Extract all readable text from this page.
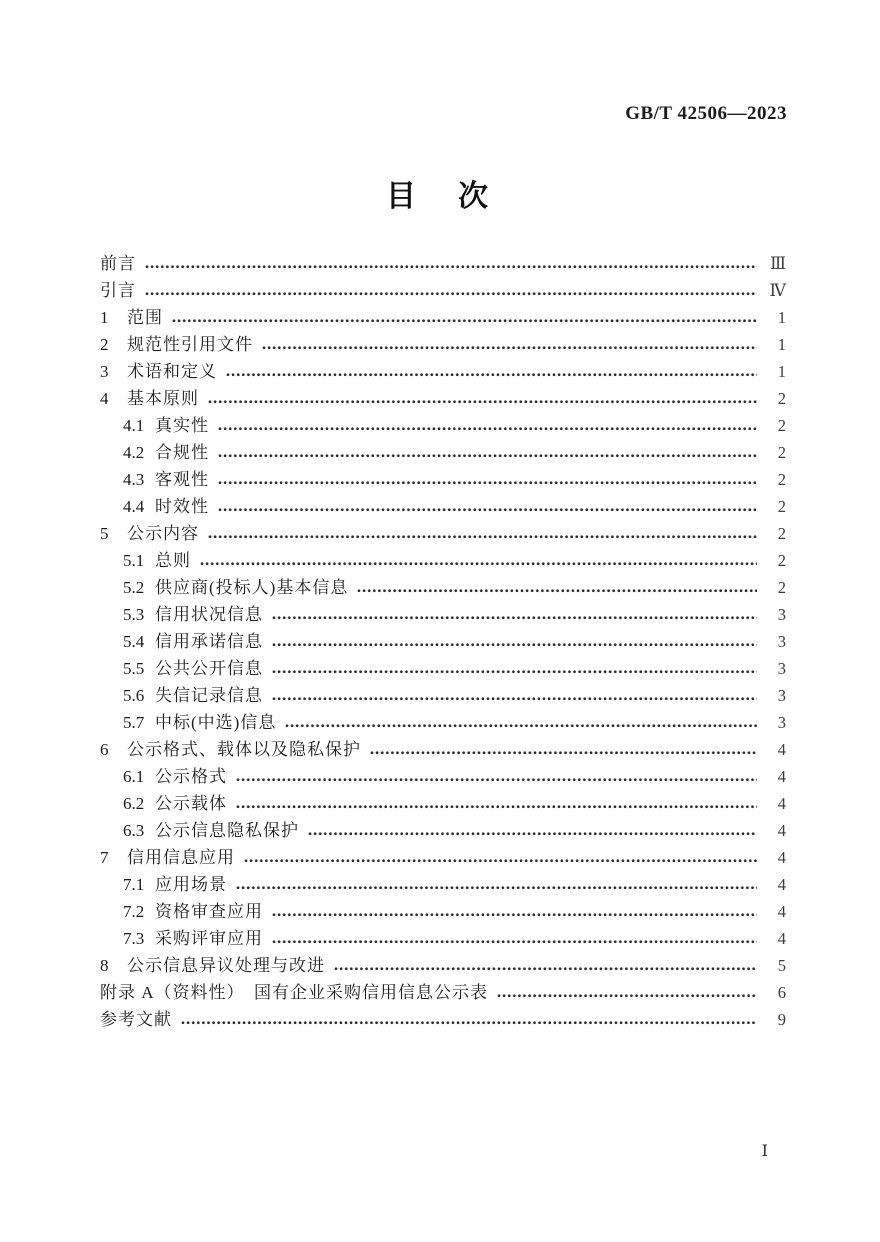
GB/T 42506—2023
目　次
前言	Ⅲ
引言	Ⅳ
1	范围	1
2	规范性引用文件	1
3	术语和定义	1
4	基本原则	2
4.1 真实性	2
4.2 合规性	2
4.3 客观性	2
4.4 时效性	2
5	公示内容	2
5.1 总则	2
5.2 供应商(投标人)基本信息	2
5.3 信用状况信息	3
5.4 信用承诺信息	3
5.5 公共公开信息	3
5.6 失信记录信息	3
5.7 中标(中选)信息	3
6	公示格式、载体以及隐私保护	4
6.1 公示格式	4
6.2 公示载体	4
6.3 公示信息隐私保护	4
7	信用信息应用	4
7.1 应用场景	4
7.2 资格审查应用	4
7.3 采购评审应用	4
8	公示信息异议处理与改进	5
附录 A（资料性）　国有企业采购信用信息公示表	6
参考文献	9
Ⅰ
